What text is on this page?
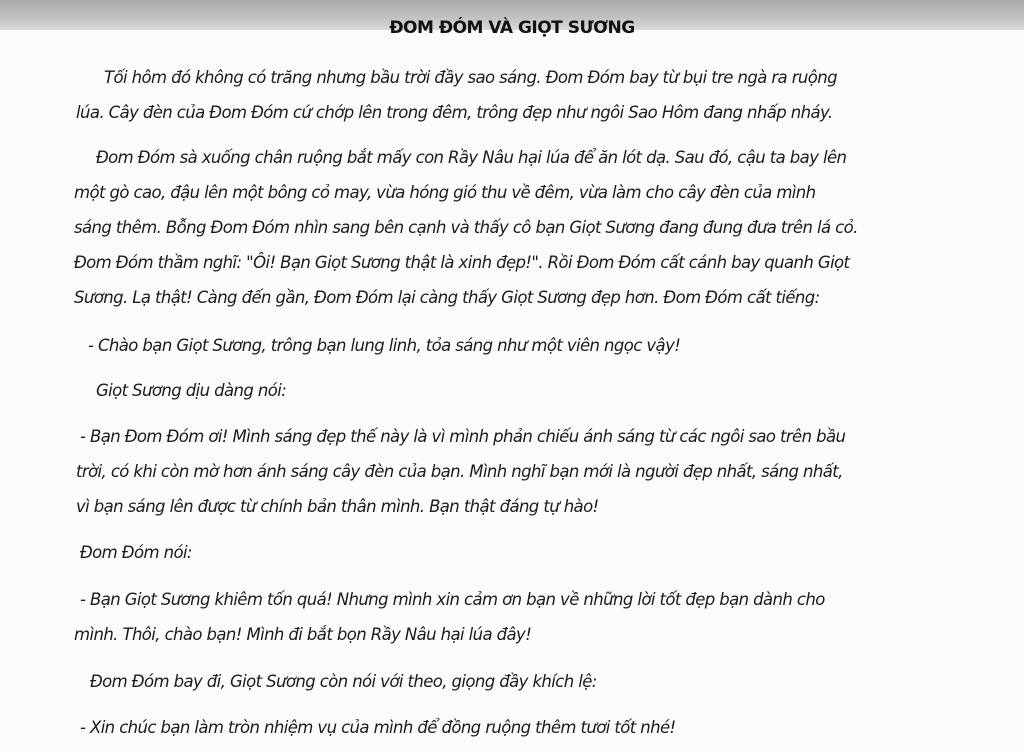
ĐOM ĐÓM VÀ GIỌT SƯƠNG

Tối hôm đó không có trăng nhưng bầu trời đầy sao sáng. Đom Đóm bay từ bụi tre ngà ra ruộng

lúa. Cây đèn của Đom Đóm cứ chớp lên trong đêm, trông đẹp như ngôi Sao Hôm đang nhấp nháy.

Đom Đóm sà xuống chân ruộng bắt mấy con Rầy Nâu hại lúa để ăn lót dạ. Sau đó, cậu ta bay lên

một gò cao, đậu lên một bông cỏ may, vừa hóng gió thu về đêm, vừa làm cho cây đèn của mình

sáng thêm. Bỗng Đom Đóm nhìn sang bên cạnh và thấy cô bạn Giọt Sương đang đung đưa trên lá cỏ.

Đom Đóm thầm nghĩ: "Ôi! Bạn Giọt Sương thật là xinh đẹp!". Rồi Đom Đóm cất cánh bay quanh Giọt

Sương. Lạ thật! Càng đến gần, Đom Đóm lại càng thấy Giọt Sương đẹp hơn. Đom Đóm cất tiếng:

- Chào bạn Giọt Sương, trông bạn lung linh, tỏa sáng như một viên ngọc vậy!

Giọt Sương dịu dàng nói:

- Bạn Đom Đóm ơi! Mình sáng đẹp thế này là vì mình phản chiếu ánh sáng từ các ngôi sao trên bầu

trời, có khi còn mờ hơn ánh sáng cây đèn của bạn. Mình nghĩ bạn mới là người đẹp nhất, sáng nhất,

vì bạn sáng lên được từ chính bản thân mình. Bạn thật đáng tự hào!

Đom Đóm nói:

- Bạn Giọt Sương khiêm tốn quá! Nhưng mình xin cảm ơn bạn về những lời tốt đẹp bạn dành cho

mình. Thôi, chào bạn! Mình đi bắt bọn Rầy Nâu hại lúa đây!

Đom Đóm bay đi, Giọt Sương còn nói với theo, giọng đầy khích lệ:

- Xin chúc bạn làm tròn nhiệm vụ của mình để đồng ruộng thêm tươi tốt nhé!
